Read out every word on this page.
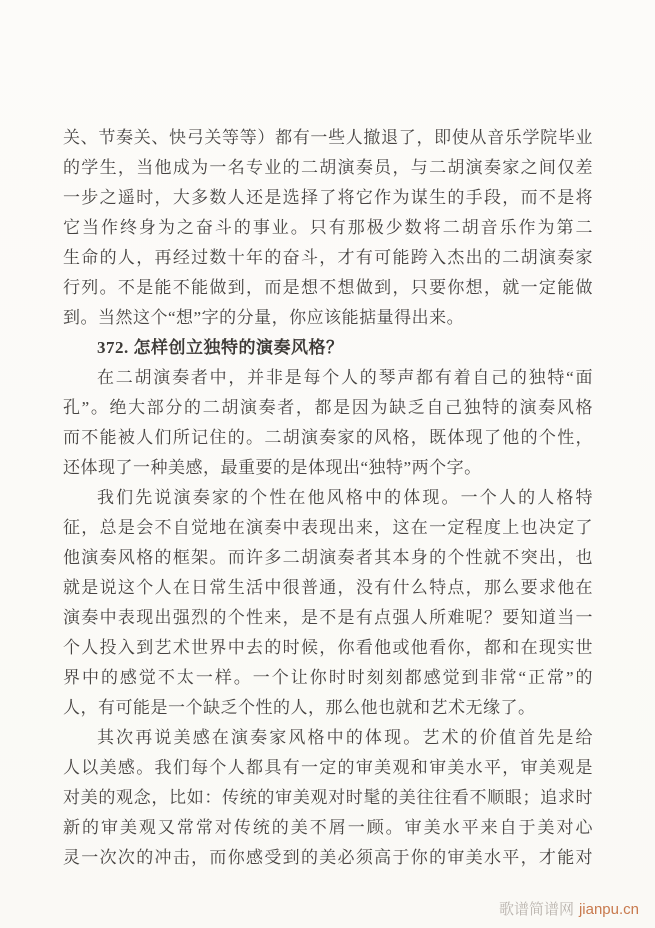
关、节奏关、快弓关等等）都有一些人撤退了，即使从音乐学院毕业
的学生，当他成为一名专业的二胡演奏员，与二胡演奏家之间仅差
一步之遥时，大多数人还是选择了将它作为谋生的手段，而不是将
它当作终身为之奋斗的事业。只有那极少数将二胡音乐作为第二
生命的人，再经过数十年的奋斗，才有可能跨入杰出的二胡演奏家
行列。不是能不能做到，而是想不想做到，只要你想，就一定能做
到。当然这个“想”字的分量，你应该能掂量得出来。
372. 怎样创立独特的演奏风格？
在二胡演奏者中，并非是每个人的琴声都有着自己的独特“面
孔”。绝大部分的二胡演奏者，都是因为缺乏自己独特的演奏风格
而不能被人们所记住的。二胡演奏家的风格，既体现了他的个性，
还体现了一种美感，最重要的是体现出“独特”两个字。
我们先说演奏家的个性在他风格中的体现。一个人的人格特
征，总是会不自觉地在演奏中表现出来，这在一定程度上也决定了
他演奏风格的框架。而许多二胡演奏者其本身的个性就不突出，也
就是说这个人在日常生活中很普通，没有什么特点，那么要求他在
演奏中表现出强烈的个性来，是不是有点强人所难呢？要知道当一
个人投入到艺术世界中去的时候，你看他或他看你，都和在现实世
界中的感觉不太一样。一个让你时时刻刻都感觉到非常“正常”的
人，有可能是一个缺乏个性的人，那么他也就和艺术无缘了。
其次再说美感在演奏家风格中的体现。艺术的价值首先是给
人以美感。我们每个人都具有一定的审美观和审美水平，审美观是
对美的观念，比如：传统的审美观对时髦的美往往看不顺眼；追求时
新的审美观又常常对传统的美不屑一顾。审美水平来自于美对心
灵一次次的冲击，而你感受到的美必须高于你的审美水平，才能对
歌谱简谱网 jianpu.cn
